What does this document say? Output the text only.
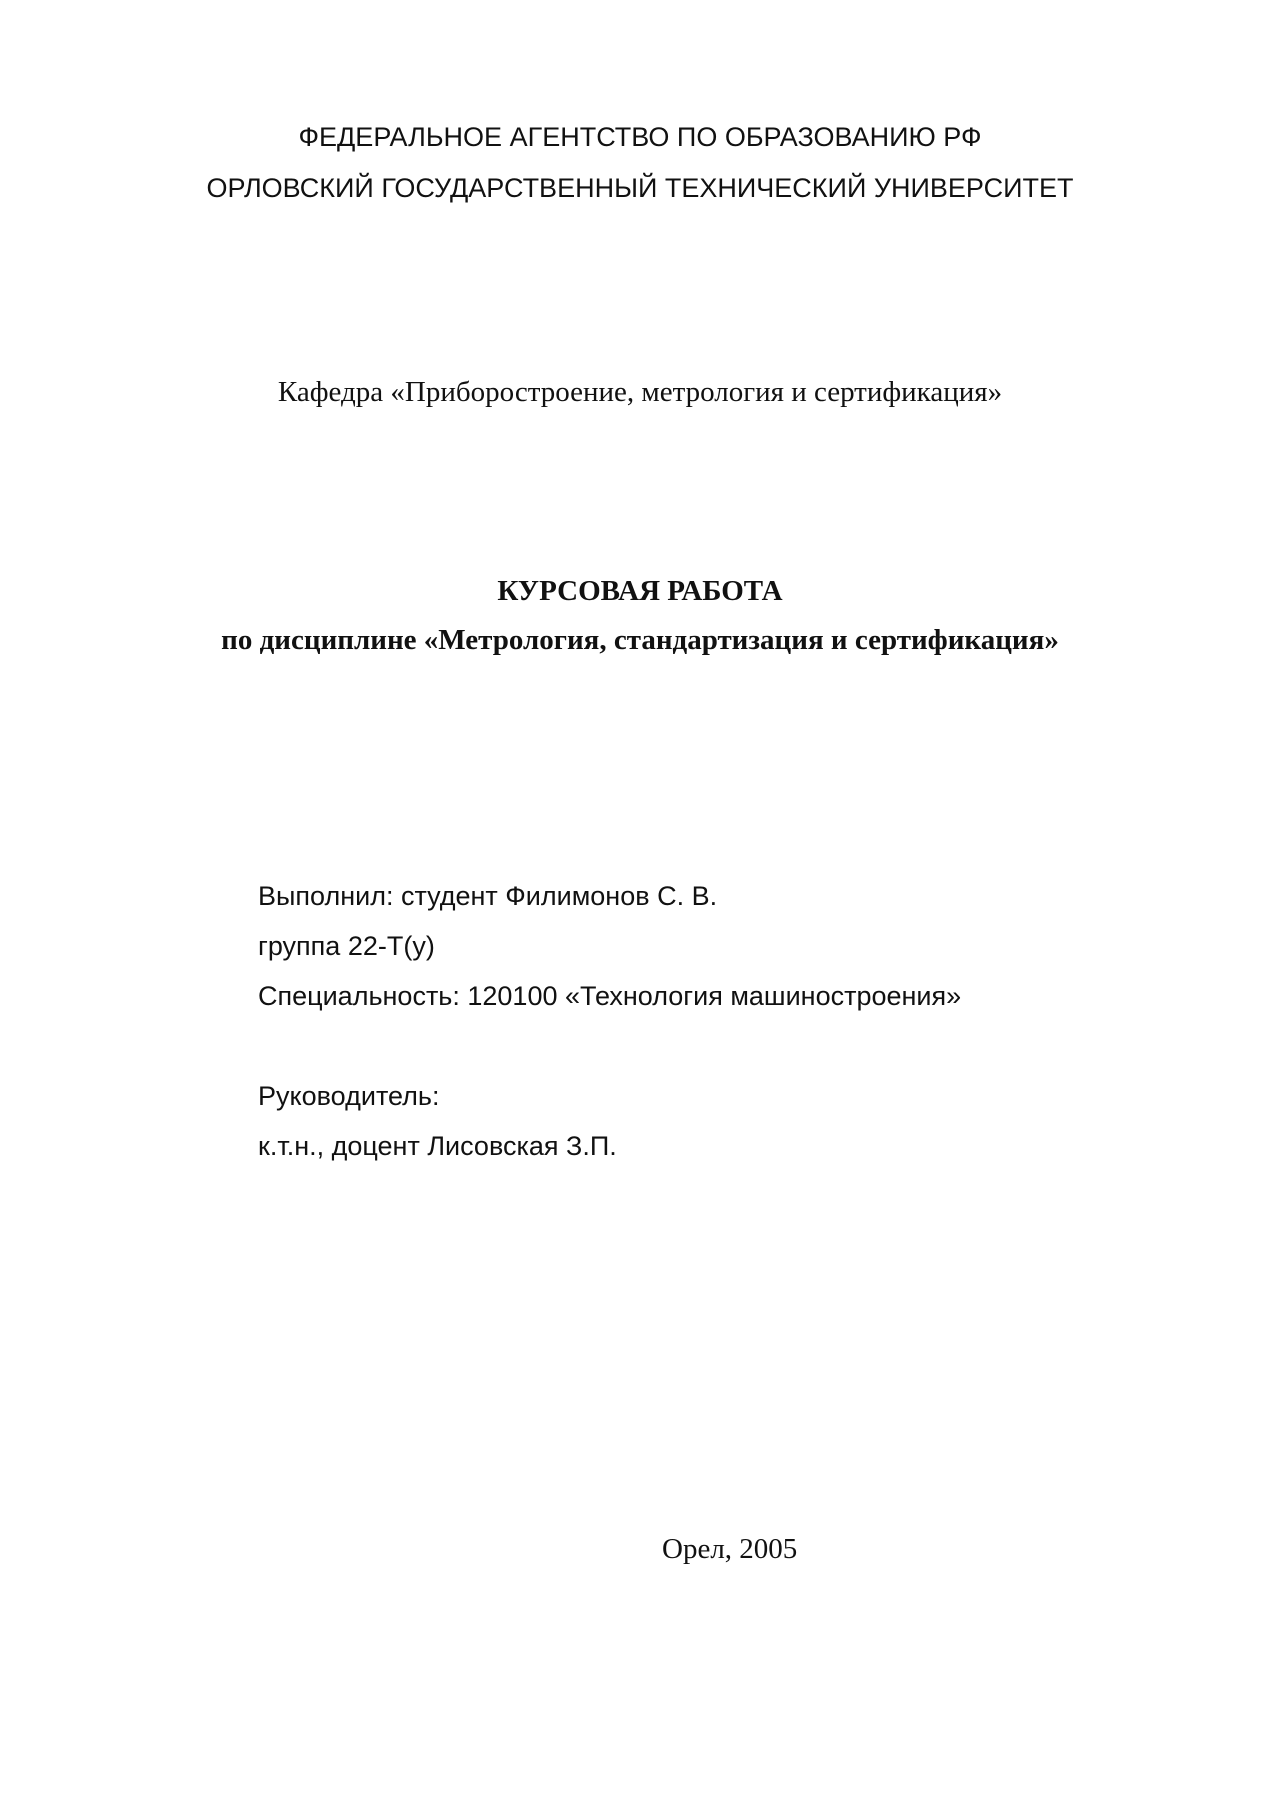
ФЕДЕРАЛЬНОЕ АГЕНТСТВО ПО ОБРАЗОВАНИЮ РФ
ОРЛОВСКИЙ ГОСУДАРСТВЕННЫЙ ТЕХНИЧЕСКИЙ УНИВЕРСИТЕТ
Кафедра «Приборостроение, метрология и сертификация»
КУРСОВАЯ РАБОТА
по дисциплине «Метрология, стандартизация и сертификация»
Выполнил: студент Филимонов С. В.
группа 22-Т(у)
Специальность: 120100 «Технология машиностроения»
Руководитель:
к.т.н., доцент Лисовская З.П.
Орел, 2005
